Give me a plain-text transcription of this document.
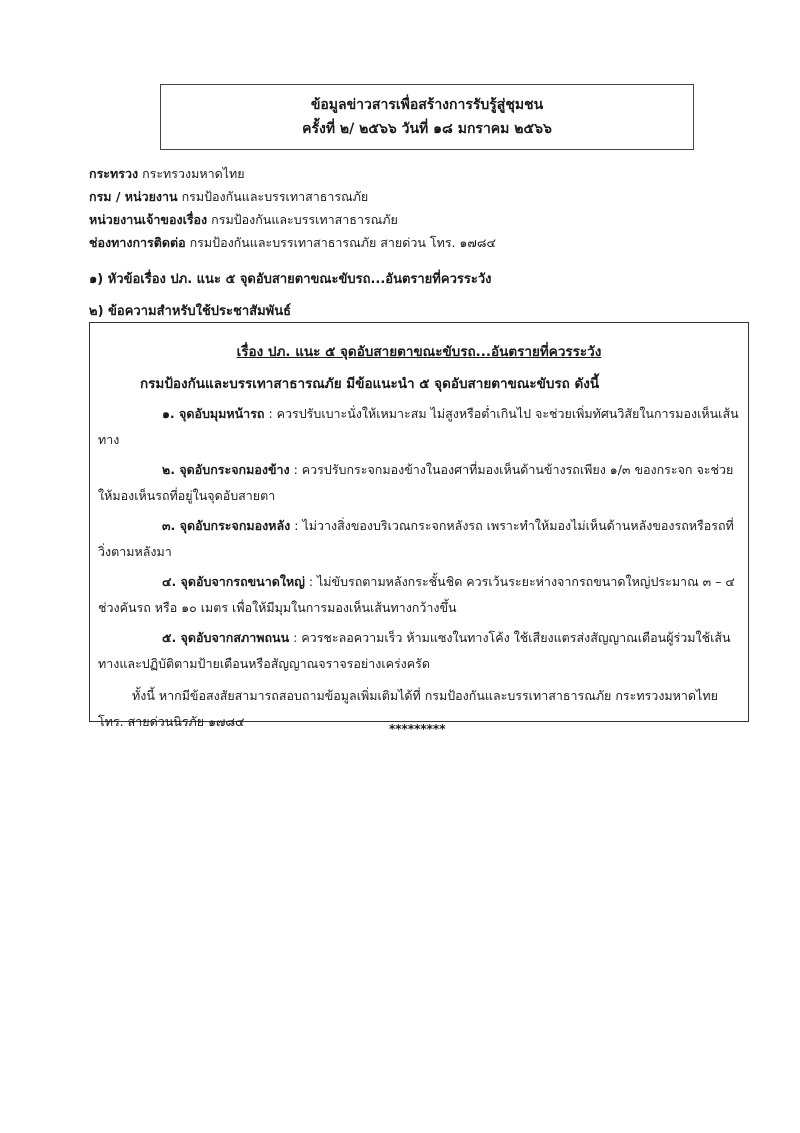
ข้อมูลข่าวสารเพื่อสร้างการรับรู้สู่ชุมชน
ครั้งที่ ๒/ ๒๕๖๖ วันที่ ๑๘ มกราคม ๒๕๖๖
กระทรวง กระทรวงมหาดไทย
กรม / หน่วยงาน กรมป้องกันและบรรเทาสาธารณภัย
หน่วยงานเจ้าของเรื่อง กรมป้องกันและบรรเทาสาธารณภัย
ช่องทางการติดต่อ กรมป้องกันและบรรเทาสาธารณภัย สายด่วน โทร. ๑๗๘๔
๑) หัวข้อเรื่อง ปภ. แนะ ๕ จุดอับสายตาขณะขับรถ...อันตรายที่ควรระวัง
๒) ข้อความสำหรับใช้ประชาสัมพันธ์
เรื่อง ปภ. แนะ ๕ จุดอับสายตาขณะขับรถ...อันตรายที่ควรระวัง
กรมป้องกันและบรรเทาสาธารณภัย มีข้อแนะนำ ๕ จุดอับสายตาขณะขับรถ ดังนี้

๑. จุดอับมุมหน้ารถ : ควรปรับเบาะนั่งให้เหมาะสม ไม่สูงหรือต่ำเกินไป จะช่วยเพิ่มทัศนวิสัยในการมองเห็นเส้นทาง

๒. จุดอับกระจกมองข้าง : ควรปรับกระจกมองข้างในองศาที่มองเห็นด้านข้างรถเพียง ๑/๓ ของกระจก จะช่วยให้มองเห็นรถที่อยู่ในจุดอับสายตา

๓. จุดอับกระจกมองหลัง : ไม่วางสิ่งของบริเวณกระจกหลังรถ เพราะทำให้มองไม่เห็นด้านหลังของรถหรือรถที่วิ่งตามหลังมา

๔. จุดอับจากรถขนาดใหญ่ : ไม่ขับรถตามหลังกระชั้นชิด ควรเว้นระยะห่างจากรถขนาดใหญ่ประมาณ ๓ – ๔ ช่วงคันรถ หรือ ๑๐ เมตร เพื่อให้มีมุมในการมองเห็นเส้นทางกว้างขึ้น

๕. จุดอับจากสภาพถนน : ควรชะลอความเร็ว ห้ามแซงในทางโค้ง ใช้เสียงแตรส่งสัญญาณเตือนผู้ร่วมใช้เส้นทางและปฏิบัติตามป้ายเตือนหรือสัญญาณจราจรอย่างเคร่งครัด

ทั้งนี้ หากมีข้อสงสัยสามารถสอบถามข้อมูลเพิ่มเติมได้ที่ กรมป้องกันและบรรเทาสาธารณภัย กระทรวงมหาดไทย โทร. สายด่วนนิรภัย ๑๗๘๔	*********
